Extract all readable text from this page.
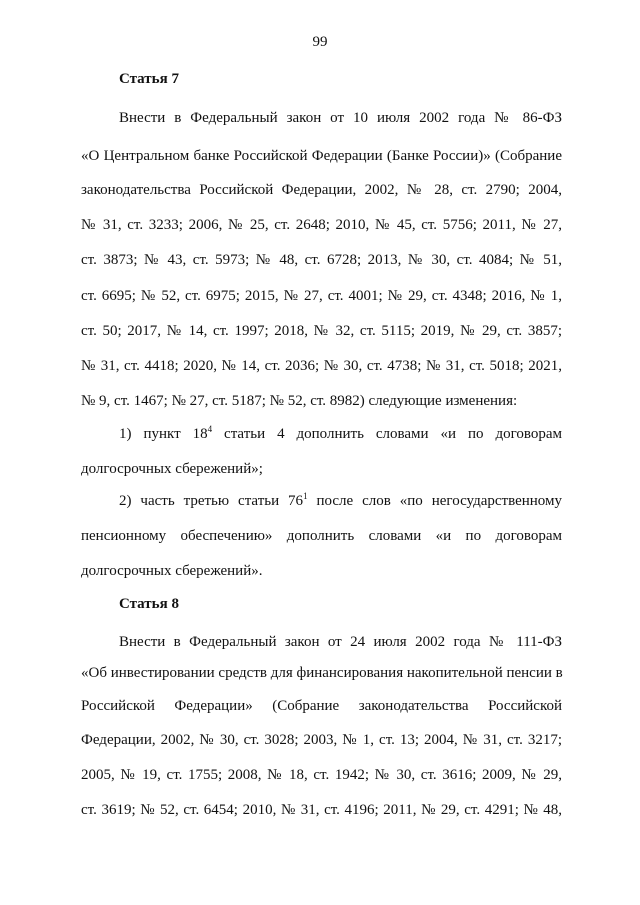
99
Статья 7
Внести в Федеральный закон от 10 июля 2002 года № 86-ФЗ
«О Центральном банке Российской Федерации (Банке России)» (Собрание
законодательства Российской Федерации, 2002, № 28, ст. 2790; 2004,
№ 31, ст. 3233; 2006, № 25, ст. 2648; 2010, № 45, ст. 5756; 2011, № 27,
ст. 3873; № 43, ст. 5973; № 48, ст. 6728; 2013, № 30, ст. 4084; № 51,
ст. 6695; № 52, ст. 6975; 2015, № 27, ст. 4001; № 29, ст. 4348; 2016, № 1,
ст. 50; 2017, № 14, ст. 1997; 2018, № 32, ст. 5115; 2019, № 29, ст. 3857;
№ 31, ст. 4418; 2020, № 14, ст. 2036; № 30, ст. 4738; № 31, ст. 5018; 2021,
№ 9, ст. 1467; № 27, ст. 5187; № 52, ст. 8982) следующие изменения:
1) пункт $18^4$ статьи 4 дополнить словами «и по договорам
долгосрочных сбережений»;
2) часть третью статьи $76^1$ после слов «по негосударственному
пенсионному обеспечению» дополнить словами «и по договорам
долгосрочных сбережений».
Статья 8
Внести в Федеральный закон от 24 июля 2002 года № 111-ФЗ
«Об инвестировании средств для финансирования накопительной пенсии в
Российской Федерации» (Собрание законодательства Российской
Федерации, 2002, № 30, ст. 3028; 2003, № 1, ст. 13; 2004, № 31, ст. 3217;
2005, № 19, ст. 1755; 2008, № 18, ст. 1942; № 30, ст. 3616; 2009, № 29,
ст. 3619; № 52, ст. 6454; 2010, № 31, ст. 4196; 2011, № 29, ст. 4291; № 48,
